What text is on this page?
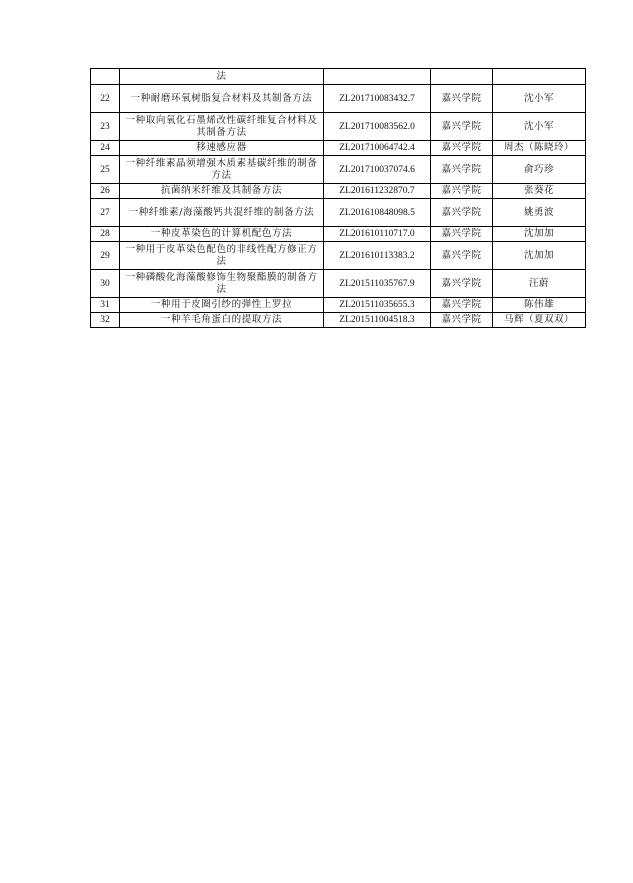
	法			
22	一种耐磨环氧树脂复合材料及其制备方法	ZL201710083432.7	嘉兴学院	沈小军
23	一种取向氧化石墨烯改性碳纤维复合材料及其制备方法	ZL201710083562.0	嘉兴学院	沈小军
24	移速感应器	ZL201710064742.4	嘉兴学院	周杰（陈晓玲）
25	一种纤维素晶须增强木质素基碳纤维的制备方法	ZL201710037074.6	嘉兴学院	俞巧珍
26	抗菌纳米纤维及其制备方法	ZL201611232870.7	嘉兴学院	张葵花
27	一种纤维素/海藻酸钙共混纤维的制备方法	ZL201610848098.5	嘉兴学院	姚勇波
28	一种皮革染色的计算机配色方法	ZL201610110717.0	嘉兴学院	沈加加
29	一种用于皮革染色配色的非线性配方修正方法	ZL201610113383.2	嘉兴学院	沈加加
30	一种磷酸化海藻酸修饰生物聚酯膜的制备方法	ZL201511035767.9	嘉兴学院	汪蔚
31	一种用于皮圈引纱的弹性上罗拉	ZL201511035655.3	嘉兴学院	陈伟雄
32	一种羊毛角蛋白的提取方法	ZL201511004518.3	嘉兴学院	马辉（夏双双）
